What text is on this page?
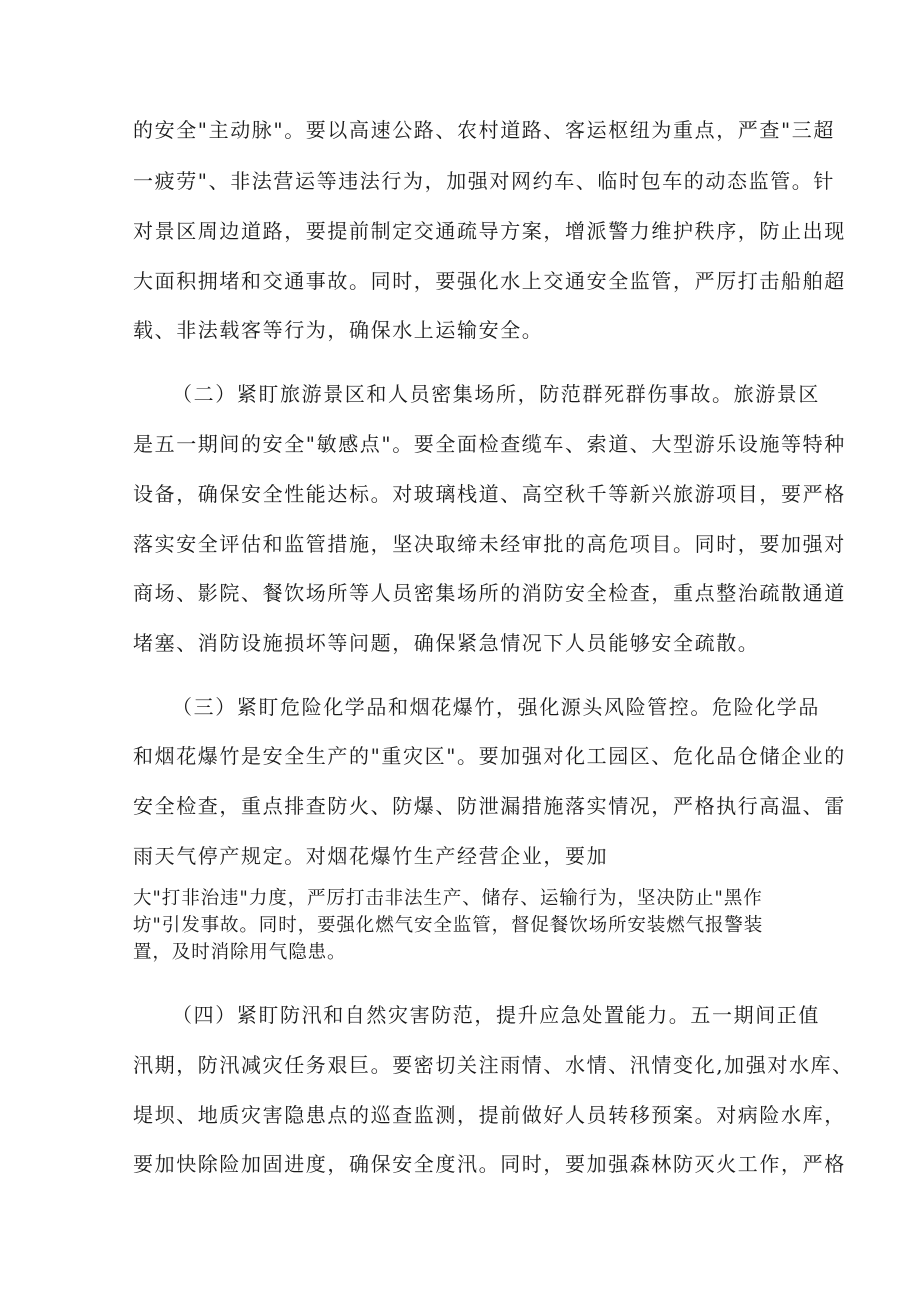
的安全"主动脉"。要以高速公路、农村道路、客运枢纽为重点，严查"三超
一疲劳"、非法营运等违法行为，加强对网约车、临时包车的动态监管。针
对景区周边道路，要提前制定交通疏导方案，增派警力维护秩序，防止出现
大面积拥堵和交通事故。同时，要强化水上交通安全监管，严厉打击船舶超
载、非法载客等行为，确保水上运输安全。
（二）紧盯旅游景区和人员密集场所，防范群死群伤事故。旅游景区
是五一期间的安全"敏感点"。要全面检查缆车、索道、大型游乐设施等特种
设备，确保安全性能达标。对玻璃栈道、高空秋千等新兴旅游项目，要严格
落实安全评估和监管措施，坚决取缔未经审批的高危项目。同时，要加强对
商场、影院、餐饮场所等人员密集场所的消防安全检查，重点整治疏散通道
堵塞、消防设施损坏等问题，确保紧急情况下人员能够安全疏散。
（三）紧盯危险化学品和烟花爆竹，强化源头风险管控。危险化学品
和烟花爆竹是安全生产的"重灾区"。要加强对化工园区、危化品仓储企业的
安全检查，重点排查防火、防爆、防泄漏措施落实情况，严格执行高温、雷
雨天气停产规定。对烟花爆竹生产经营企业，要加
大"打非治违"力度，严厉打击非法生产、储存、运输行为，坚决防止"黑作
坊"引发事故。同时，要强化燃气安全监管，督促餐饮场所安装燃气报警装
置，及时消除用气隐患。
（四）紧盯防汛和自然灾害防范，提升应急处置能力。五一期间正值
汛期，防汛减灾任务艰巨。要密切关注雨情、水情、汛情变化,加强对水库、
堤坝、地质灾害隐患点的巡查监测，提前做好人员转移预案。对病险水库，
要加快除险加固进度，确保安全度汛。同时，要加强森林防灭火工作，严格
